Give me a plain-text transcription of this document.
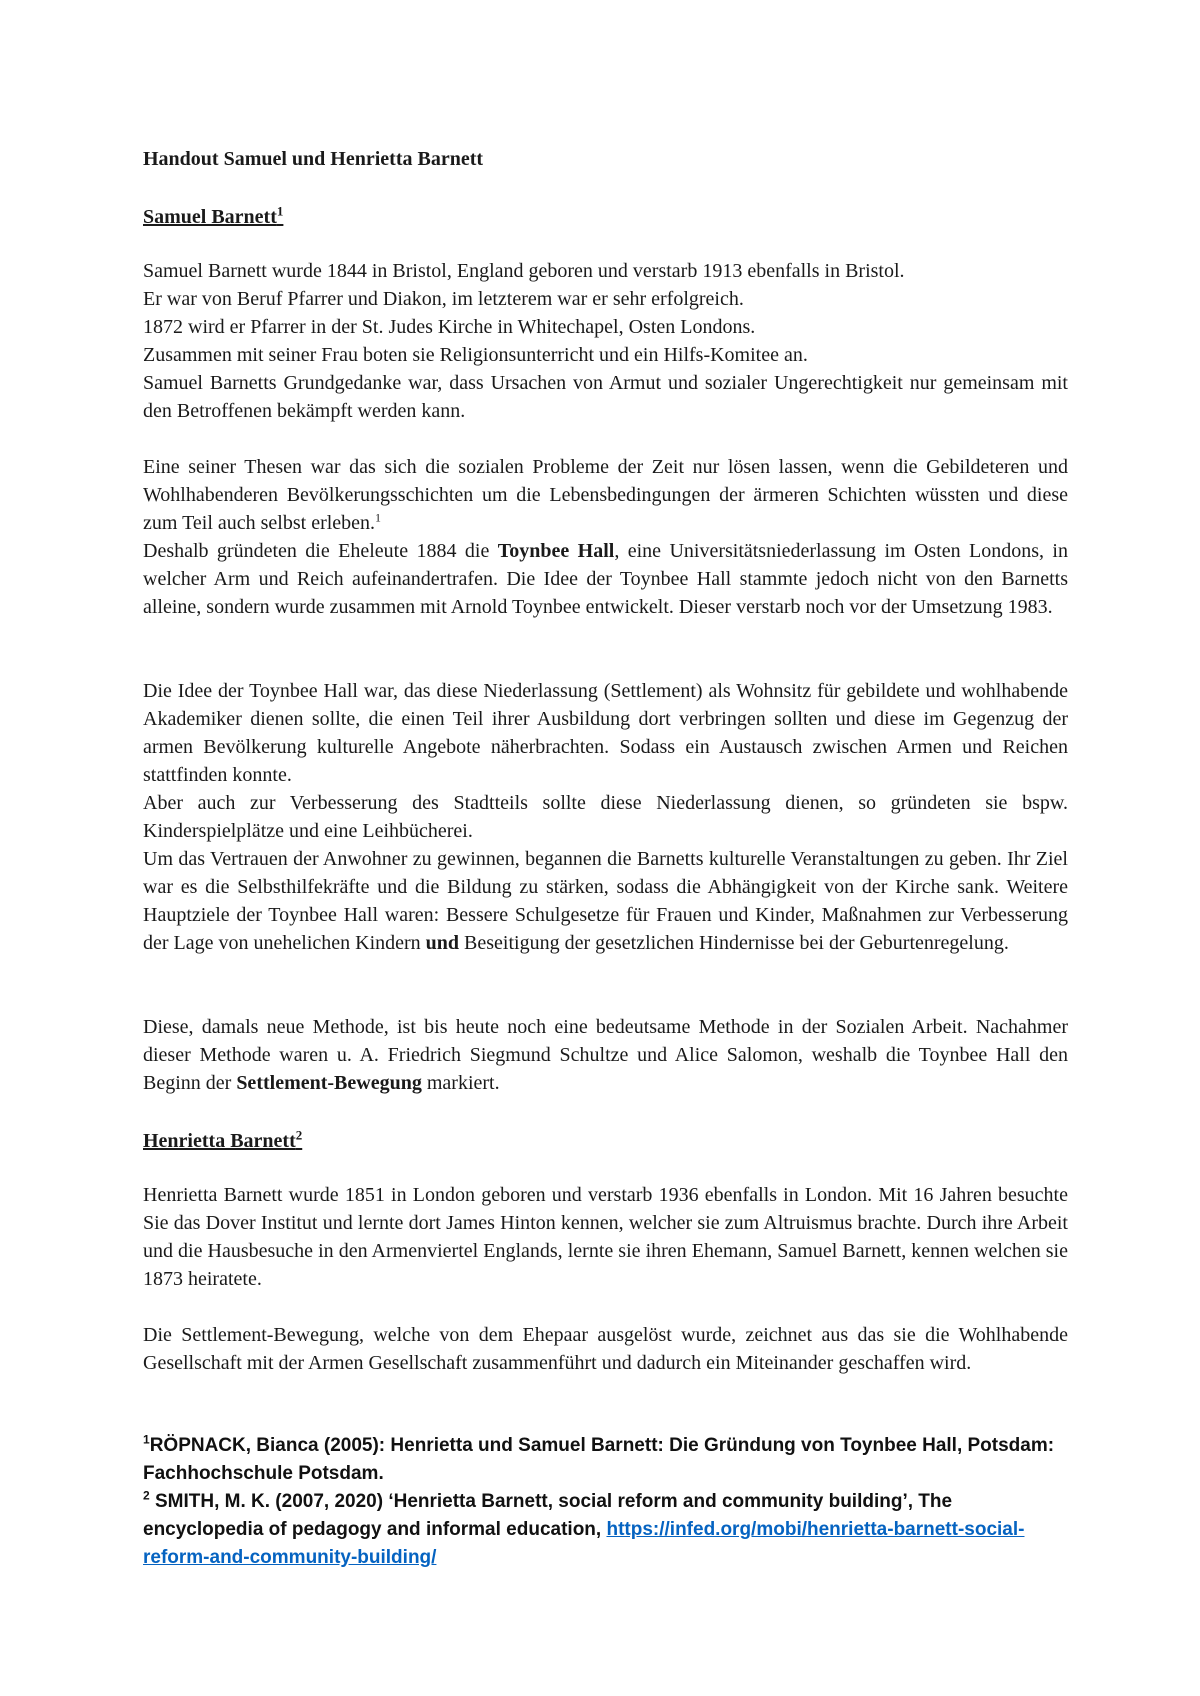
Handout Samuel und Henrietta Barnett
Samuel Barnett$^1$

Samuel Barnett wurde 1844 in Bristol, England geboren und verstarb 1913 ebenfalls in Bristol.

Er war von Beruf Pfarrer und Diakon, im letzterem war er sehr erfolgreich.

1872 wird er Pfarrer in der St. Judes Kirche in Whitechapel, Osten Londons.

Zusammen mit seiner Frau boten sie Religionsunterricht und ein Hilfs-Komitee an.

Samuel Barnetts Grundgedanke war, dass Ursachen von Armut und sozialer Ungerechtigkeit nur gemeinsam mit den Betroffenen bekämpft werden kann.

Eine seiner Thesen war das sich die sozialen Probleme der Zeit nur lösen lassen, wenn die Gebildeteren und Wohlhabenderen Bevölkerungsschichten um die Lebensbedingungen der ärmeren Schichten wüssten und diese zum Teil auch selbst erleben.$^1$

Deshalb gründeten die Eheleute 1884 die Toynbee Hall, eine Universitätsniederlassung im Osten Londons, in welcher Arm und Reich aufeinandertrafen. Die Idee der Toynbee Hall stammte jedoch nicht von den Barnetts alleine, sondern wurde zusammen mit Arnold Toynbee entwickelt. Dieser verstarb noch vor der Umsetzung 1983.

Die Idee der Toynbee Hall war, das diese Niederlassung (Settlement) als Wohnsitz für gebildete und wohlhabende Akademiker dienen sollte, die einen Teil ihrer Ausbildung dort verbringen sollten und diese im Gegenzug der armen Bevölkerung kulturelle Angebote näherbrachten. Sodass ein Austausch zwischen Armen und Reichen stattfinden konnte.

Aber auch zur Verbesserung des Stadtteils sollte diese Niederlassung dienen, so gründeten sie bspw. Kinderspielplätze und eine Leihbücherei.

Um das Vertrauen der Anwohner zu gewinnen, begannen die Barnetts kulturelle Veranstaltungen zu geben. Ihr Ziel war es die Selbsthilfekräfte und die Bildung zu stärken, sodass die Abhängigkeit von der Kirche sank. Weitere Hauptziele der Toynbee Hall waren: Bessere Schulgesetze für Frauen und Kinder, Maßnahmen zur Verbesserung der Lage von unehelichen Kindern und Beseitigung der gesetzlichen Hindernisse bei der Geburtenregelung.

Diese, damals neue Methode, ist bis heute noch eine bedeutsame Methode in der Sozialen Arbeit. Nachahmer dieser Methode waren u. A. Friedrich Siegmund Schultze und Alice Salomon, weshalb die Toynbee Hall den Beginn der Settlement-Bewegung markiert.

Henrietta Barnett$^2$

Henrietta Barnett wurde 1851 in London geboren und verstarb 1936 ebenfalls in London. Mit 16 Jahren besuchte Sie das Dover Institut und lernte dort James Hinton kennen, welcher sie zum Altruismus brachte. Durch ihre Arbeit und die Hausbesuche in den Armenviertel Englands, lernte sie ihren Ehemann, Samuel Barnett, kennen welchen sie 1873 heiratete.

Die Settlement-Bewegung, welche von dem Ehepaar ausgelöst wurde, zeichnet aus das sie die Wohlhabende Gesellschaft mit der Armen Gesellschaft zusammenführt und dadurch ein Miteinander geschaffen wird.

$^1$RÖPNACK, Bianca (2005): Henrietta und Samuel Barnett: Die Gründung von Toynbee Hall, Potsdam: Fachhochschule Potsdam.

$^2$ SMITH, M. K. (2007, 2020) ‘Henrietta Barnett, social reform and community building’, The encyclopedia of pedagogy and informal education, https://infed.org/mobi/henrietta-barnett-social-reform-and-community-building/
